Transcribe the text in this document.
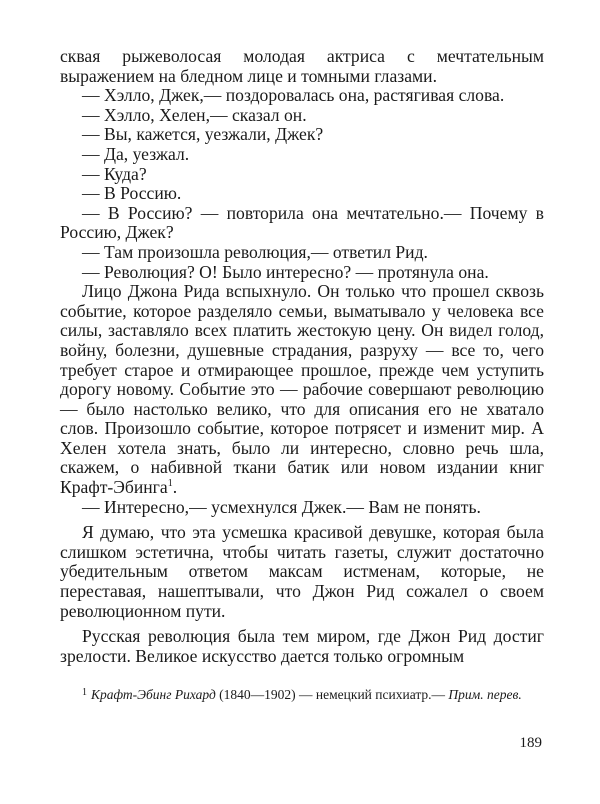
сквая рыжеволосая молодая актриса с мечтательным выражением на бледном лице и томными глазами.

— Хэлло, Джек,— поздоровалась она, растягивая слова.

— Хэлло, Хелен,— сказал он.

— Вы, кажется, уезжали, Джек?

— Да, уезжал.

— Куда?

— В Россию.

— В Россию? — повторила она мечтательно.— Почему в Россию, Джек?

— Там произошла революция,— ответил Рид.

— Революция? О! Было интересно? — протянула она.

Лицо Джона Рида вспыхнуло. Он только что прошел сквозь событие, которое разделяло семьи, выматывало у человека все силы, заставляло всех платить жестокую цену. Он видел голод, войну, болезни, душевные страдания, разруху — все то, чего требует старое и отмирающее прошлое, прежде чем уступить дорогу новому. Событие это — рабочие совершают революцию — было настолько велико, что для описания его не хватало слов. Произошло событие, которое потрясет и изменит мир. А Хелен хотела знать, было ли интересно, словно речь шла, скажем, о набивной ткани батик или новом издании книг Крафт-Эбинга$^1$.

— Интересно,— усмехнулся Джек.— Вам не понять.

Я думаю, что эта усмешка красивой девушке, которая была слишком эстетична, чтобы читать газеты, служит достаточно убедительным ответом максам истменам, которые, не переставая, нашептывали, что Джон Рид сожалел о своем революционном пути.

Русская революция была тем миром, где Джон Рид достиг зрелости. Великое искусство дается только огромным

$^1$ Крафт-Эбинг Рихард (1840—1902) — немецкий психиатр.— Прим. перев.
189
